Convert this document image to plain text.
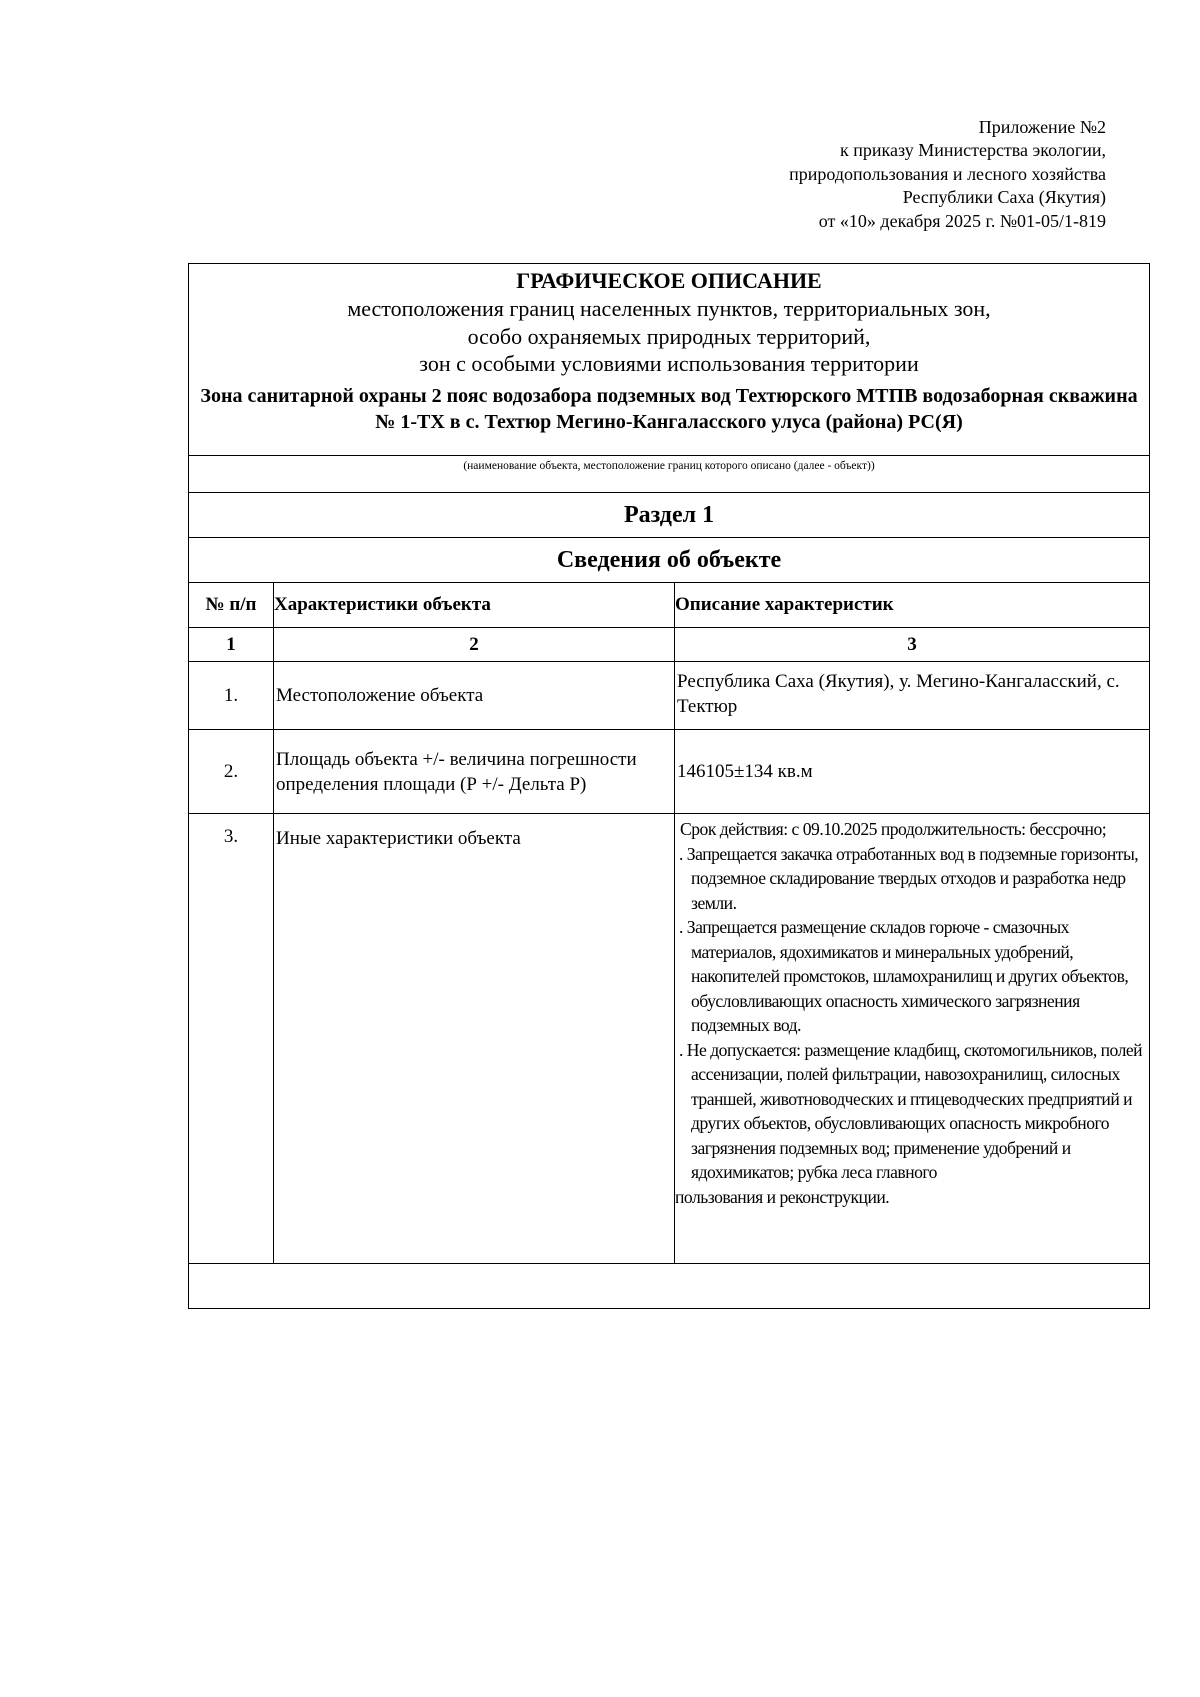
Приложение №2
к приказу Министерства экологии,
природопользования и лесного хозяйства
Республики Саха (Якутия)
от «10» декабря 2025 г. №01-05/1-819
ГРАФИЧЕСКОЕ ОПИСАНИЕ
местоположения границ населенных пунктов, территориальных зон,
особо охраняемых природных территорий,
зон с особыми условиями использования территории
Зона санитарной охраны 2 пояс водозабора подземных вод Техтюрского МТПВ водозаборная скважина № 1-ТХ в с. Техтюр Мегино-Кангаласского улуса (района) РС(Я)		

(наименование объекта, местоположение границ которого описано (далее - объект))		
Раздел 1		
Сведения об объекте		
№ п/п	Характеристики объекта	Описание характеристик
1	2	3
1.	Местоположение объекта	Республика Саха (Якутия), у. Мегино-Кангаласский, с. Тектюр
2.	Площадь объекта +/- величина погрешности определения площади (Р +/- Дельта Р)	146105±134 кв.м
3.	Иные характеристики объекта	Срок действия: с 09.10.2025 продолжительность: бессрочно;
. Запрещается закачка отработанных вод в подземные горизонты, подземное складирование твердых отходов и разработка недр земли.
. Запрещается размещение складов горюче - смазочных материалов, ядохимикатов и минеральных удобрений, накопителей промстоков, шламохранилищ и других объектов, обусловливающих опасность химического загрязнения подземных вод.
. Не допускается: размещение кладбищ, скотомогильников, полей ассенизации, полей фильтрации, навозохранилищ, силосных траншей, животноводческих и птицеводческих предприятий и других объектов, обусловливающих опасность микробного загрязнения подземных вод; применение удобрений и ядохимикатов; рубка леса главного
пользования и реконструкции.
